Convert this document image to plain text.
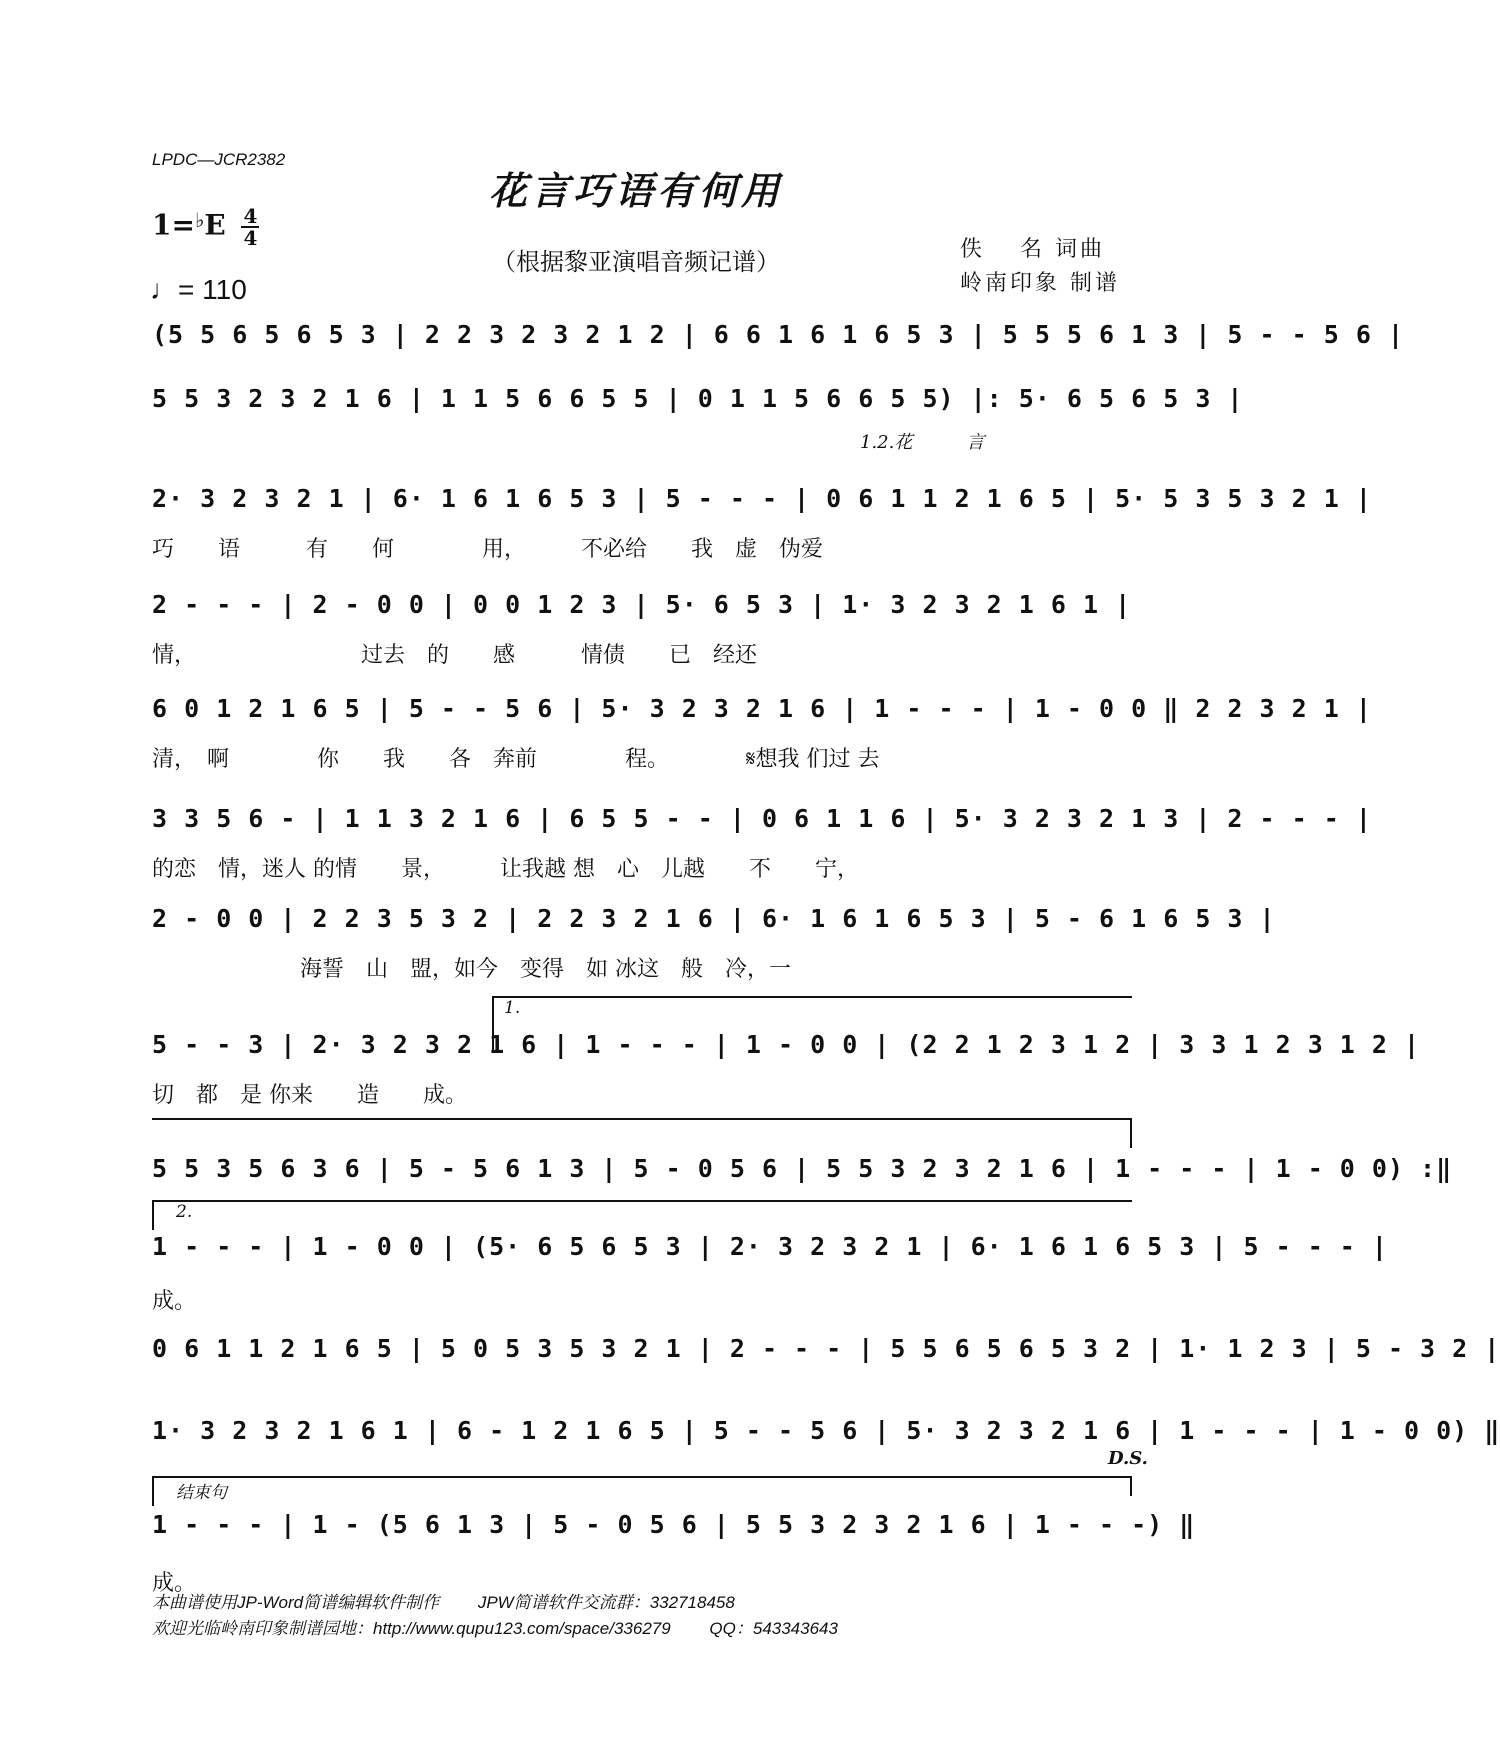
LPDC—JCR2382
花言巧语有何用
（根据黎亚演唱音频记谱）
$1=^♭E \frac{4}{4}$
♩= 110
佚　 名 词曲
岭南印象 制谱
(5 5 6 5 6 5 3 | 2 2 3 2 3 2 1 2 | 6 6 1 6 1 6 5 3 | 5 5 5 6 1 3 | 5 - - 5 6 |
5 5 3 2 3 2 1 6 | 1 1 5 6 6 5 5 | 0 1 1 5 6 6 5 5) |: 5· 6 5 6 5 3 |
1.2.花　　　言
2· 3 2 3 2 1 | 6· 1 6 1 6 5 3 | 5 - - - | 0 6 1 1 2 1 6 5 | 5· 5 3 5 3 2 1 |
巧　　语　　　有　　何　　　　用，　　　不必给　　我　虚　伪爱
2 - - - | 2 - 0 0 | 0 0 1 2 3 | 5· 6 5 3 | 1· 3 2 3 2 1 6 1 |
情，　　　　　　　　过去　的　　感　　　情债　　已　经还
6 0 1 2 1 6 5 | 5 - - 5 6 | 5· 3 2 3 2 1 6 | 1 - - - | 1 - 0 0 ‖ 2 2 3 2 1 |
清，　啊　　　　你　　我　　各　奔前　　　　程。　　　　𝄋想我 们过 去
3 3 5 6 - | 1 1 3 2 1 6 | 6 5 5 - - | 0 6 1 1 6 | 5· 3 2 3 2 1 3 | 2 - - - |
的恋　情，迷人 的情　　景，　　　让我越 想　心　儿越　　不　　宁，
2 - 0 0 | 2 2 3 5 3 2 | 2 2 3 2 1 6 | 6· 1 6 1 6 5 3 | 5 - 6 1 6 5 3 |
海誓　山　盟，如今　变得　如 冰这　般　冷，一
1.
5 - - 3 | 2· 3 2 3 2 1 6 | 1 - - - | 1 - 0 0 | (2 2 1 2 3 1 2 | 3 3 1 2 3 1 2 |
切　都　是 你来　　造　　成。
5 5 3 5 6 3 6 | 5 - 5 6 1 3 | 5 - 0 5 6 | 5 5 3 2 3 2 1 6 | 1 - - - | 1 - 0 0) :‖
2.
1 - - - | 1 - 0 0 | (5· 6 5 6 5 3 | 2· 3 2 3 2 1 | 6· 1 6 1 6 5 3 | 5 - - - |
成。
0 6 1 1 2 1 6 5 | 5 0 5 3 5 3 2 1 | 2 - - - | 5 5 6 5 6 5 3 2 | 1· 1 2 3 | 5 - 3 2 |
1· 3 2 3 2 1 6 1 | 6 - 1 2 1 6 5 | 5 - - 5 6 | 5· 3 2 3 2 1 6 | 1 - - - | 1 - 0 0) ‖
D.S.
结束句
1 - - - | 1 - (5 6 1 3 | 5 - 0 5 6 | 5 5 3 2 3 2 1 6 | 1 - - -) ‖
成。
本曲谱使用JP-Word简谱编辑软件制作　　 JPW简谱软件交流群：332718458
欢迎光临岭南印象制谱园地：http://www.qupu123.com/space/336279　　 QQ：543343643
